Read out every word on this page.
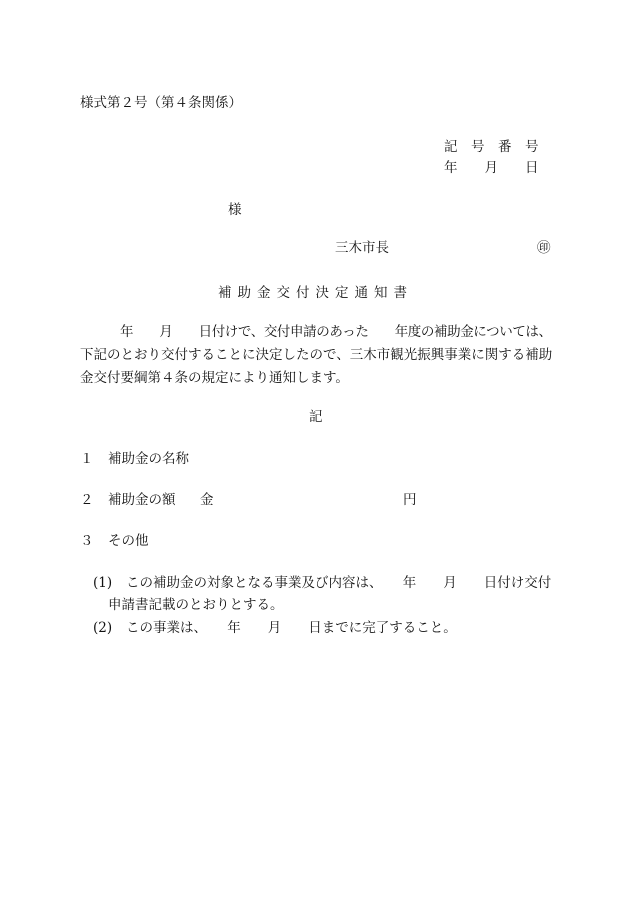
様式第２号（第４条関係）
記　号　番　号
年　　月　　日
様
三木市長	㊞
補助金交付決定通知書
年　　月　　日付けで、交付申請のあった　　年度の補助金については、
下記のとおり交付することに決定したので、三木市観光振興事業に関する補助
金交付要綱第４条の規定により通知します。
記
１ 補助金の名称
２ 補助金の額 金	円
３ その他
(1) この補助金の対象となる事業及び内容は、　　年　　月　　日付け交付
申請書記載のとおりとする。
(2) この事業は、　　年　　月　　日までに完了すること。
